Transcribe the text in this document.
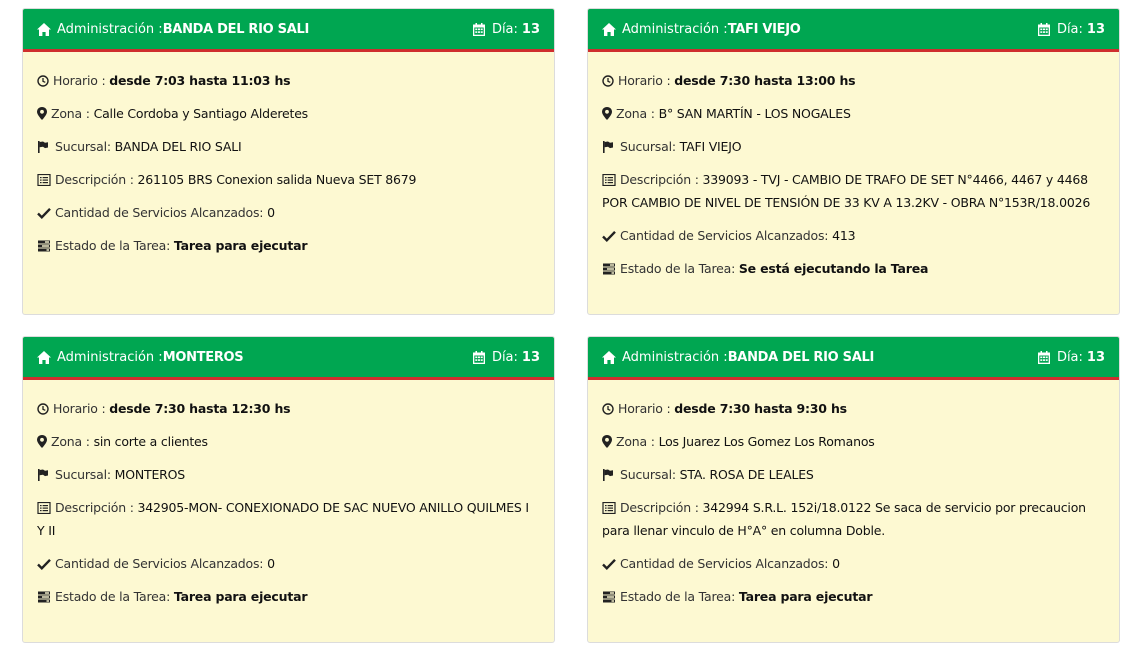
Administración : BANDA DEL RIO SALI	Día: 13
Horario : desde 7:03 hasta 11:03 hs
Zona : Calle Cordoba y Santiago Alderetes
Sucursal: BANDA DEL RIO SALI
Descripción : 261105 BRS Conexion salida Nueva SET 8679
Cantidad de Servicios Alcanzados: 0
Estado de la Tarea: Tarea para ejecutar
Administración : TAFI VIEJO	Día: 13
Horario : desde 7:30 hasta 13:00 hs
Zona : B° SAN MARTÍN - LOS NOGALES
Sucursal: TAFI VIEJO
Descripción : 339093 - TVJ - CAMBIO DE TRAFO DE SET N°4466, 4467 y 4468 POR CAMBIO DE NIVEL DE TENSIÓN DE 33 KV A 13.2KV - OBRA N°153R/18.0026
Cantidad de Servicios Alcanzados: 413
Estado de la Tarea: Se está ejecutando la Tarea
Administración : MONTEROS	Día: 13
Horario : desde 7:30 hasta 12:30 hs
Zona : sin corte a clientes
Sucursal: MONTEROS
Descripción : 342905-MON- CONEXIONADO DE SAC NUEVO ANILLO QUILMES I Y II
Cantidad de Servicios Alcanzados: 0
Estado de la Tarea: Tarea para ejecutar
Administración : BANDA DEL RIO SALI	Día: 13
Horario : desde 7:30 hasta 9:30 hs
Zona : Los Juarez Los Gomez Los Romanos
Sucursal: STA. ROSA DE LEALES
Descripción : 342994 S.R.L. 152i/18.0122 Se saca de servicio por precaucion para llenar vinculo de H°A° en columna Doble.
Cantidad de Servicios Alcanzados: 0
Estado de la Tarea: Tarea para ejecutar
